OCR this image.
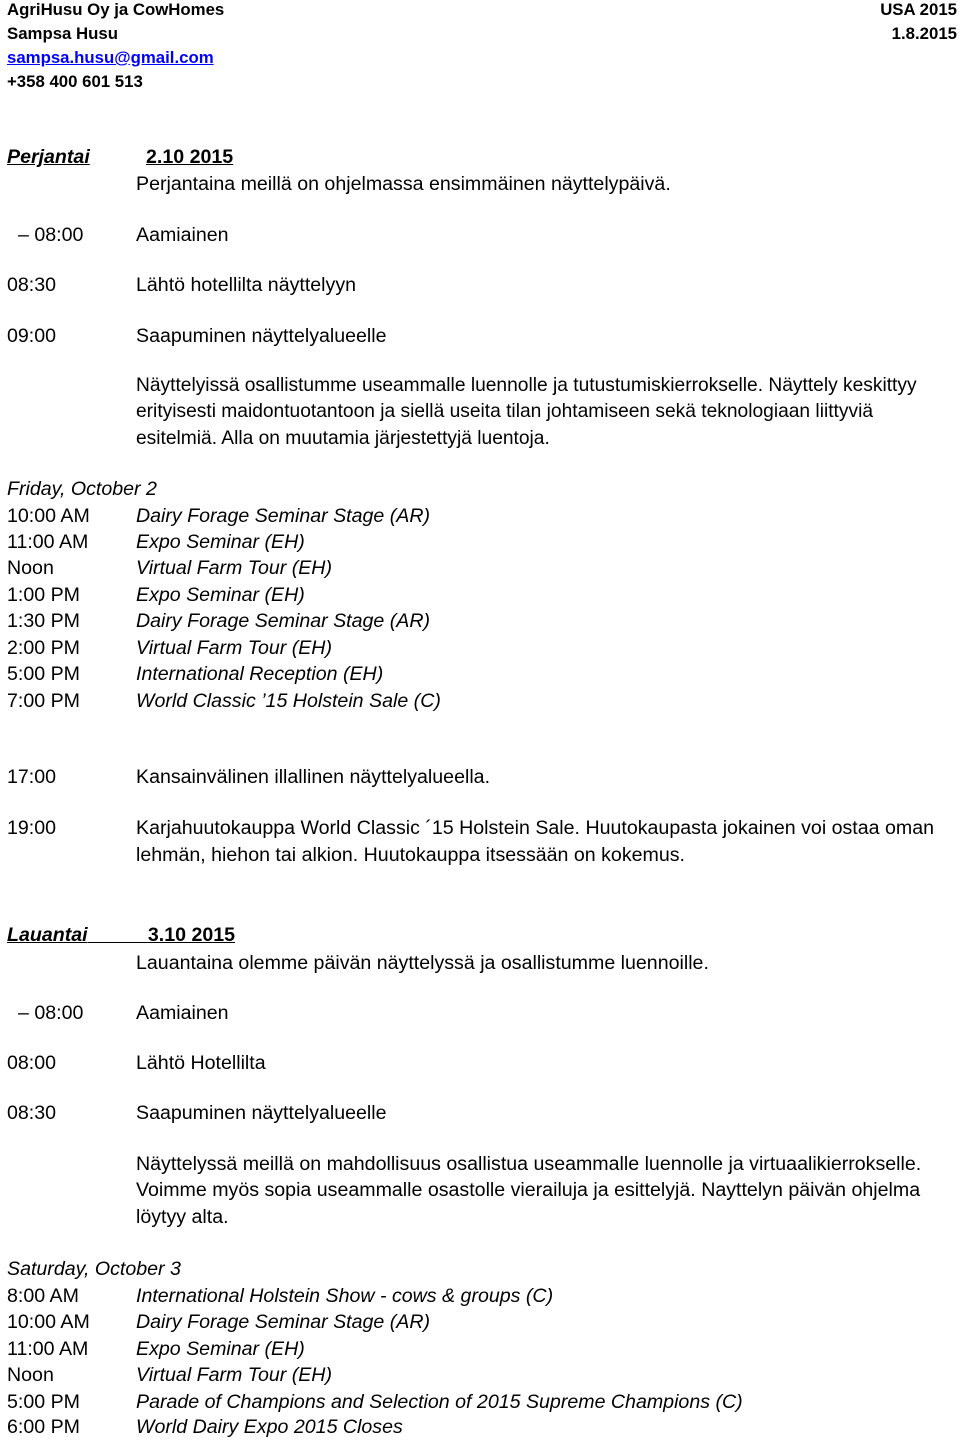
AgriHusu Oy ja CowHomes	USA 2015
Sampsa Husu	1.8.2015
sampsa.husu@gmail.com
+358 400 601 513
Perjantai	2.10 2015
Perjantaina meillä on ohjelmassa ensimmäinen näyttelypäivä.
– 08:00	Aamiainen
08:30	Lähtö hotellilta näyttelyyn
09:00	Saapuminen näyttelyalueelle
Näyttelyissä osallistumme useammalle luennolle ja tutustumiskierrokselle. Näyttely keskittyy
erityisesti maidontuotantoon ja siellä useita tilan johtamiseen sekä teknologiaan liittyviä
esitelmiä. Alla on muutamia järjestettyjä luentoja.
Friday, October 2
10:00 AM Dairy Forage Seminar Stage (AR)
11:00 AM Expo Seminar (EH)
Noon	Virtual Farm Tour (EH)
1:00 PM	Expo Seminar (EH)
1:30 PM	Dairy Forage Seminar Stage (AR)
2:00 PM	Virtual Farm Tour (EH)
5:00 PM	International Reception (EH)
7:00 PM	World Classic ’15 Holstein Sale (C)
17:00	Kansainvälinen illallinen näyttelyalueella.
19:00	Karjahuutokauppa World Classic ´15 Holstein Sale. Huutokaupasta jokainen voi ostaa oman
lehmän, hiehon tai alkion. Huutokauppa itsessään on kokemus.
Lauantai	3.10 2015
Lauantaina olemme päivän näyttelyssä ja osallistumme luennoille.
– 08:00	Aamiainen
08:00	Lähtö Hotellilta
08:30	Saapuminen näyttelyalueelle
Näyttelyssä meillä on mahdollisuus osallistua useammalle luennolle ja virtuaalikierrokselle.
Voimme myös sopia useammalle osastolle vierailuja ja esittelyjä. Nayttelyn päivän ohjelma
löytyy alta.
Saturday, October 3
8:00 AM	International Holstein Show - cows & groups (C)
10:00 AM Dairy Forage Seminar Stage (AR)
11:00 AM Expo Seminar (EH)
Noon	Virtual Farm Tour (EH)
5:00 PM	Parade of Champions and Selection of 2015 Supreme Champions (C)
6:00 PM	World Dairy Expo 2015 Closes
